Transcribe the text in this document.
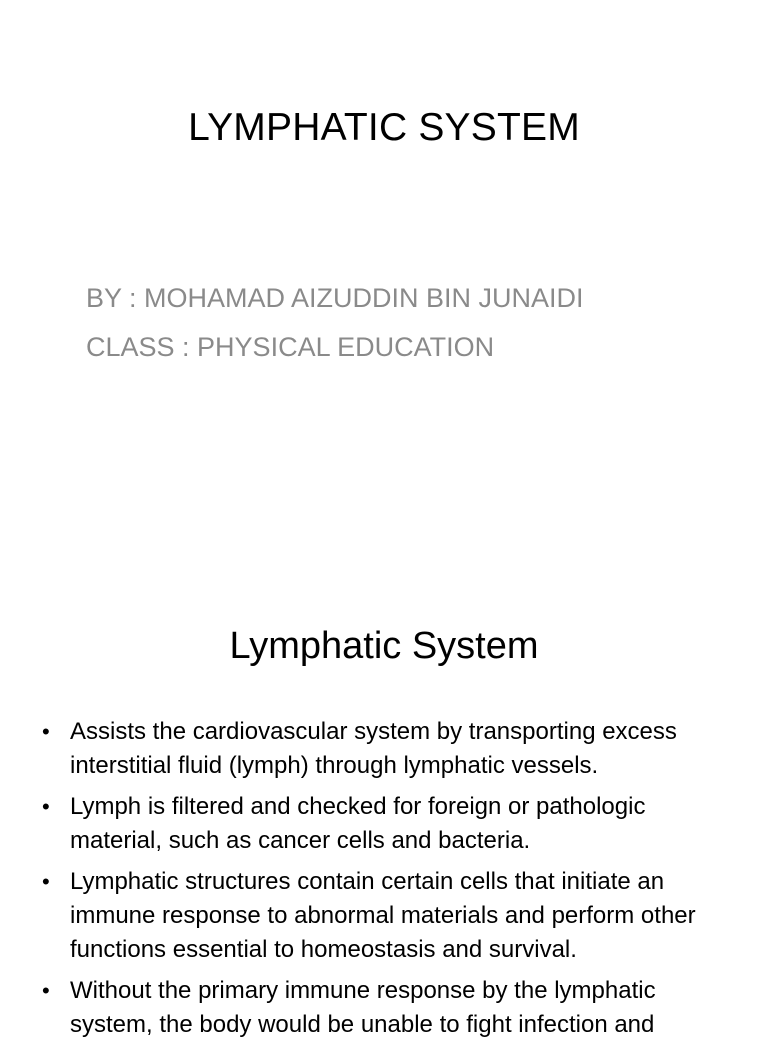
LYMPHATIC SYSTEM
BY : MOHAMAD AIZUDDIN BIN JUNAIDI
CLASS : PHYSICAL EDUCATION
Lymphatic System
• Assists the cardiovascular system by transporting excess interstitial fluid (lymph) through lymphatic vessels.
• Lymph is filtered and checked for foreign or pathologic material, such as cancer cells and bacteria.
• Lymphatic structures contain certain cells that initiate an immune response to abnormal materials and perform other functions essential to homeostasis and survival.
• Without the primary immune response by the lymphatic system, the body would be unable to fight infection and
